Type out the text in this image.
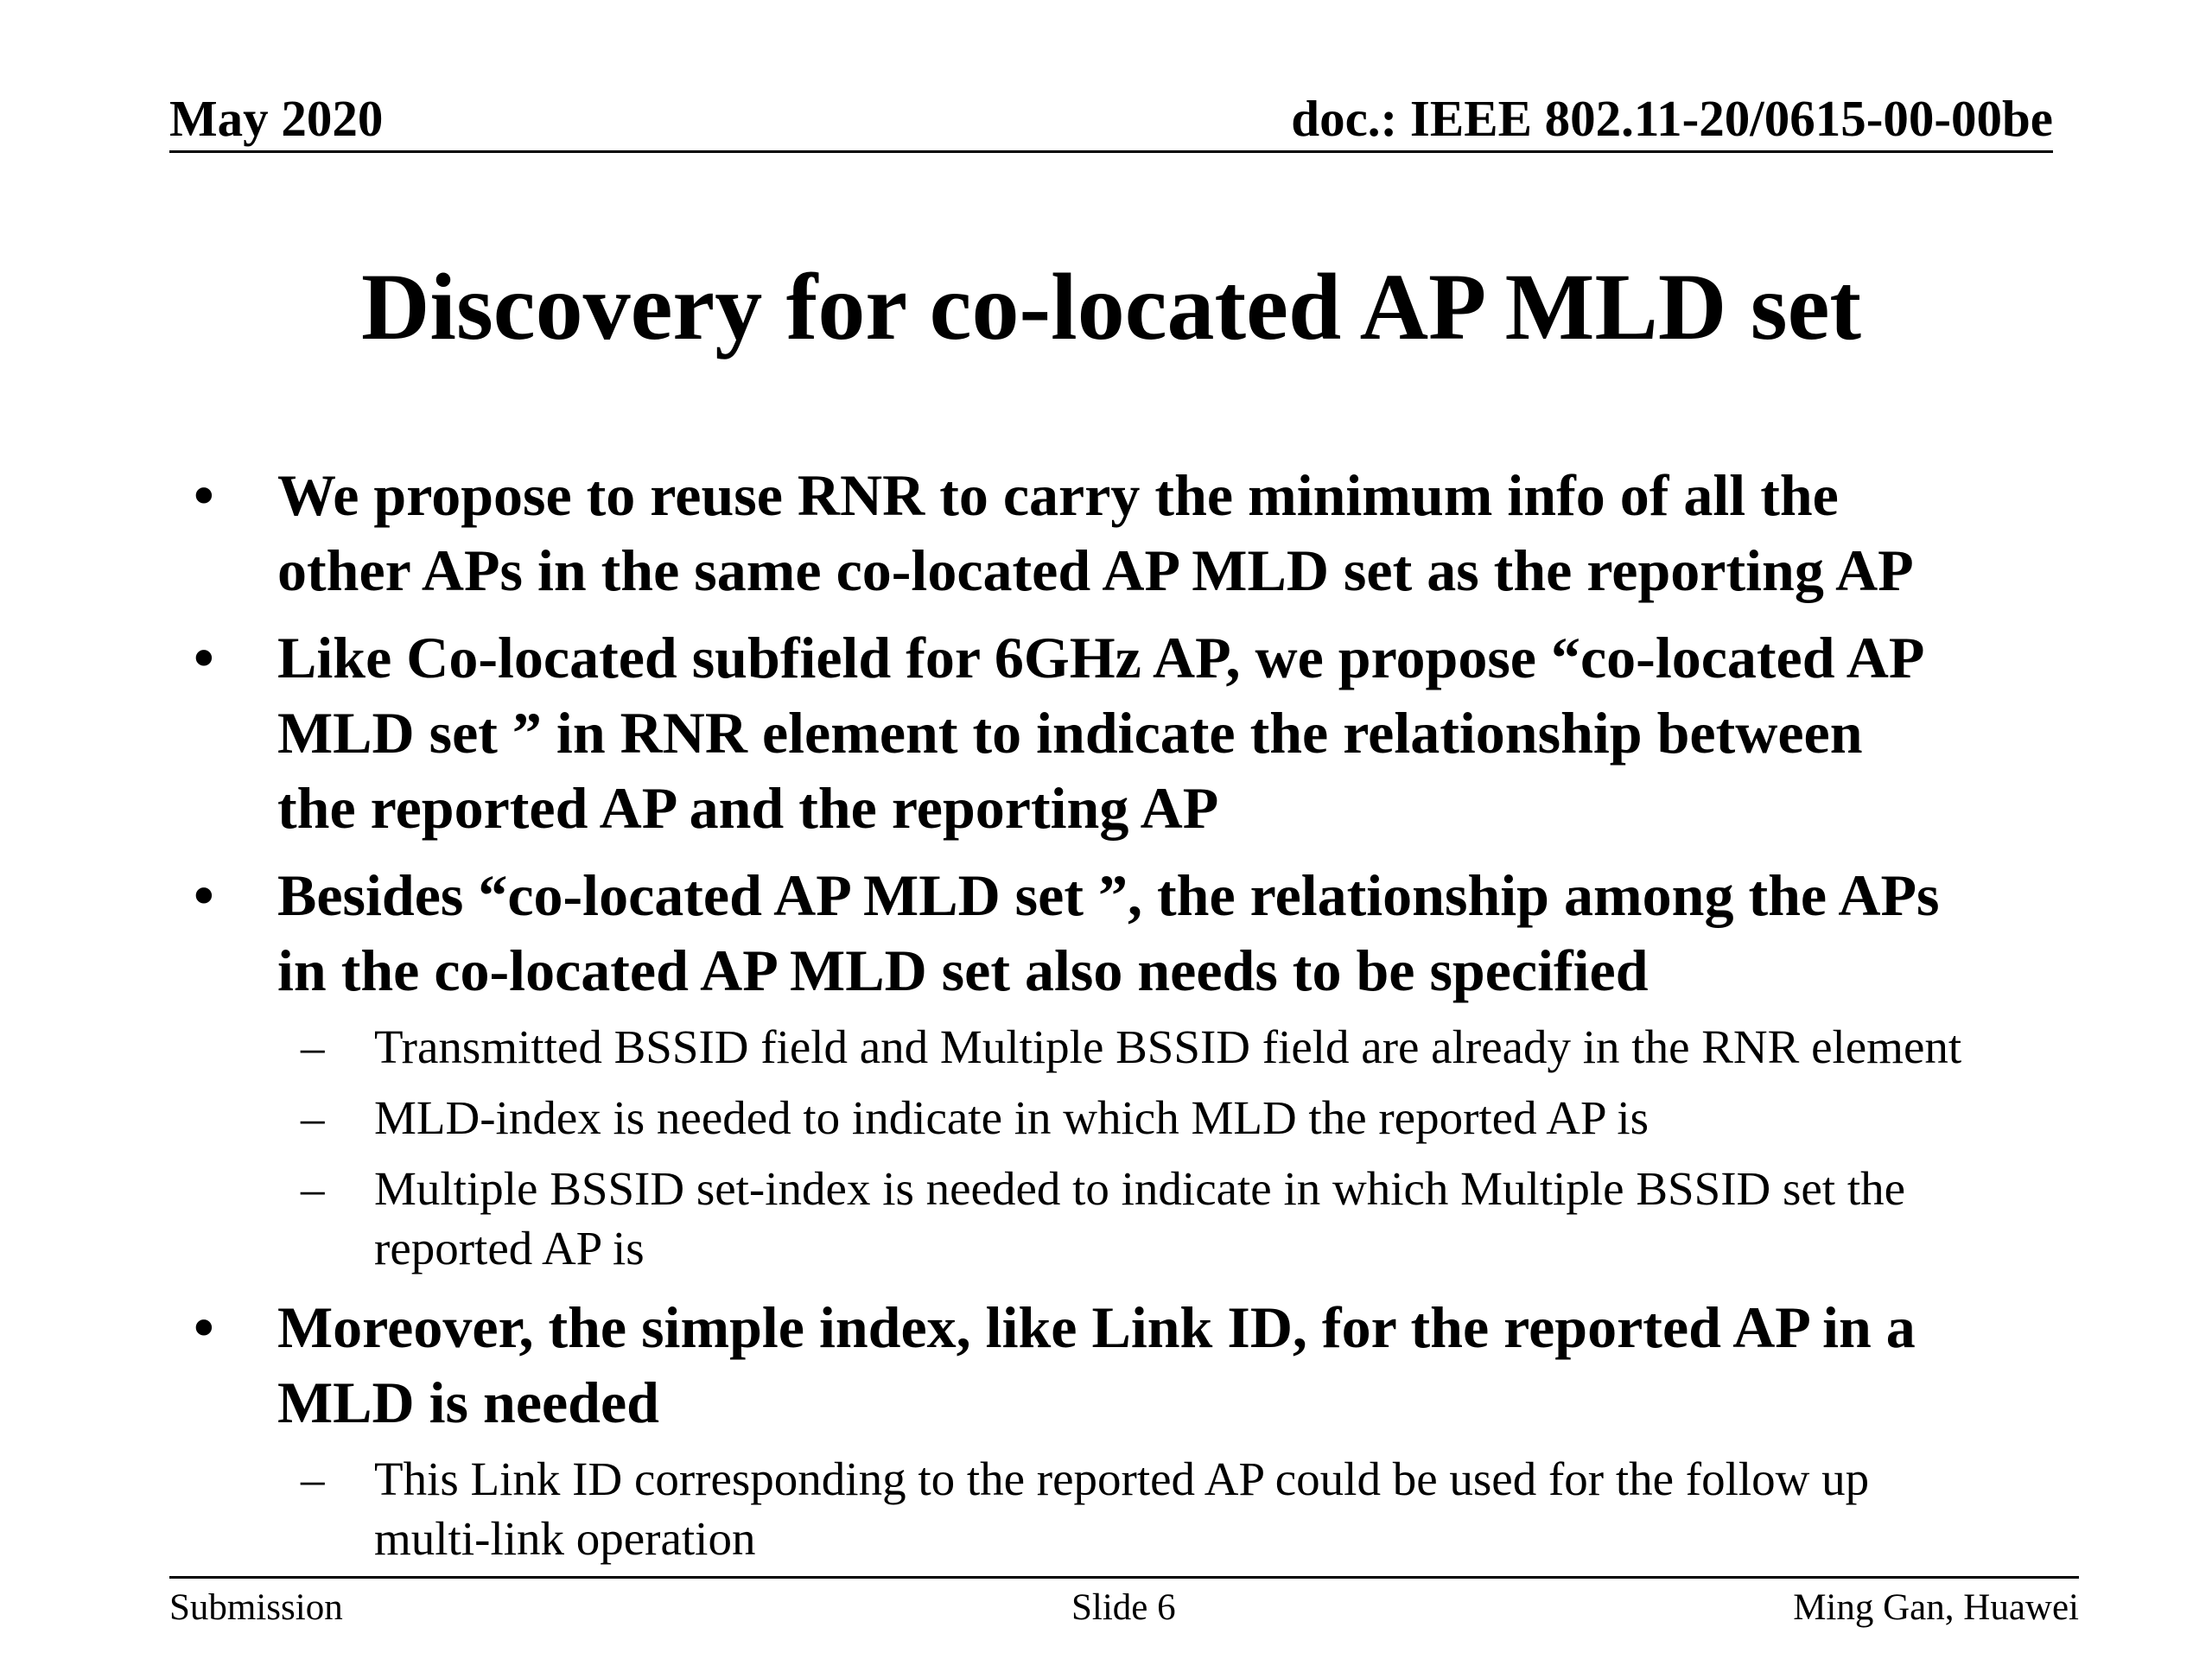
May 2020	doc.: IEEE 802.11-20/0615-00-00be
Discovery for co-located AP MLD set
• We propose to reuse RNR to carry the minimum info of all the
other APs in the same co-located AP MLD set as the reporting AP
• Like Co-located subfield for 6GHz AP, we propose “co-located AP
MLD set ” in RNR element to indicate the relationship between
the reported AP and the reporting AP
• Besides “co-located AP MLD set ”, the relationship among the APs
in the co-located AP MLD set also needs to be specified
– Transmitted BSSID field and Multiple BSSID field are already in the RNR element
– MLD-index is needed to indicate in which MLD the reported AP is
– Multiple BSSID set-index is needed to indicate in which Multiple BSSID set the
reported AP is
• Moreover, the simple index, like Link ID, for the reported AP in a
MLD is needed
– This Link ID corresponding to the reported AP could be used for the follow up
multi-link operation
Submission	Slide 6	Ming Gan, Huawei
